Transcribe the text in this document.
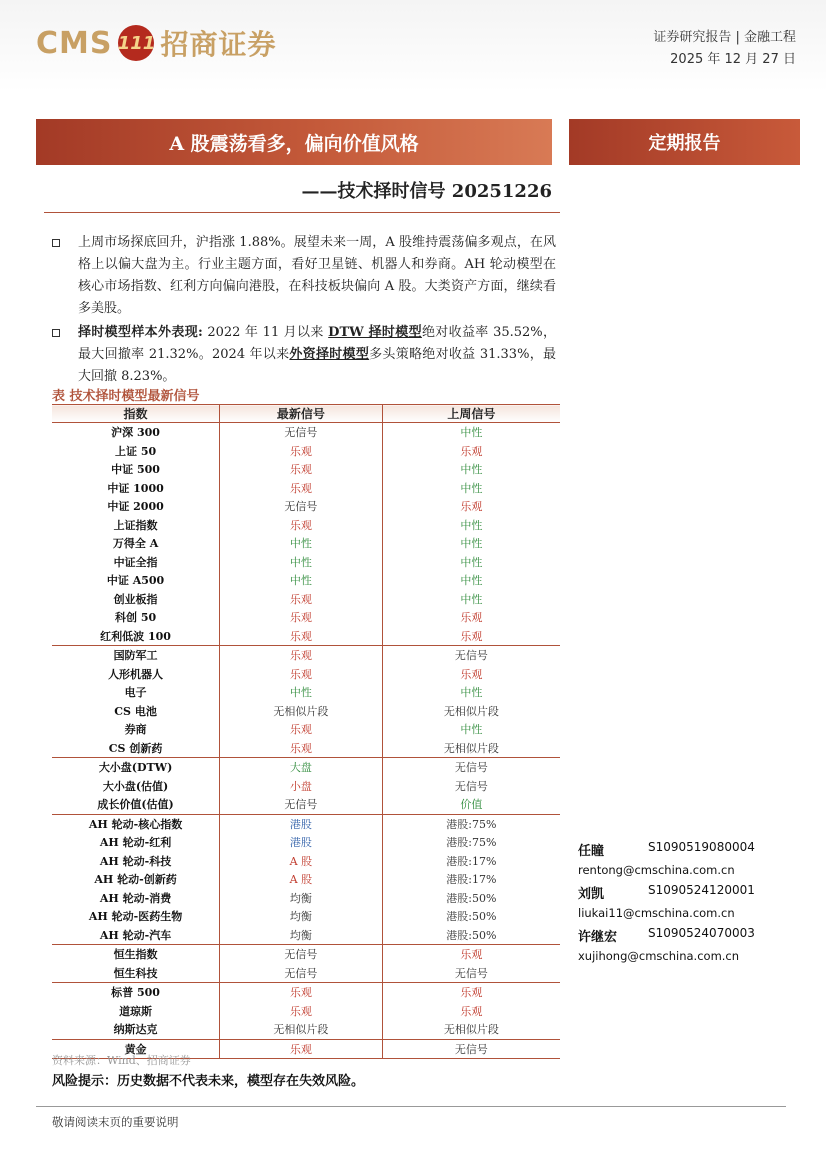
CMS 111 招商证券	证券研究报告 | 金融工程
2025 年 12 月 27 日
A 股震荡看多，偏向价值风格	定期报告
——技术择时信号 20251226
上周市场探底回升，沪指涨 1.88%。展望未来一周，A 股维持震荡偏多观点，在风格上以偏大盘为主。行业主题方面，看好卫星链、机器人和券商。AH 轮动模型在核心市场指数、红利方向偏向港股，在科技板块偏向 A 股。大类资产方面，继续看多美股。
择时模型样本外表现: 2022 年 11 月以来 DTW 择时模型绝对收益率 35.52%，最大回撤率 21.32%。2024 年以来外资择时模型多头策略绝对收益 31.33%，最大回撤 8.23%。
表 技术择时模型最新信号
指数	最新信号	上周信号
沪深 300	无信号	中性
上证 50	乐观	乐观
中证 500	乐观	中性
中证 1000	乐观	中性
中证 2000	无信号	乐观
上证指数	乐观	中性
万得全 A	中性	中性
中证全指	中性	中性
中证 A500	中性	中性
创业板指	乐观	中性
科创 50	乐观	乐观
红利低波 100	乐观	乐观
国防军工	乐观	无信号
人形机器人	乐观	乐观
电子	中性	中性
CS 电池	无相似片段	无相似片段
券商	乐观	中性
CS 创新药	乐观	无相似片段
大小盘(DTW)	大盘	无信号
大小盘(估值)	小盘	无信号
成长价值(估值)	无信号	价值
AH 轮动-核心指数	港股	港股:75%
AH 轮动-红利	港股	港股:75%
AH 轮动-科技	A 股	港股:17%
AH 轮动-创新药	A 股	港股:17%
AH 轮动-消费	均衡	港股:50%
AH 轮动-医药生物	均衡	港股:50%
AH 轮动-汽车	均衡	港股:50%
恒生指数	无信号	乐观
恒生科技	无信号	无信号
标普 500	乐观	乐观
道琼斯	乐观	乐观
纳斯达克	无相似片段	无相似片段
黄金	乐观	无信号
资料来源：Wind、招商证券
风险提示：历史数据不代表未来，模型存在失效风险。
任瞳	S1090519080004
rentong@cmschina.com.cn
刘凯	S1090524120001
liukai11@cmschina.com.cn
许继宏	S1090524070003
xujihong@cmschina.com.cn
敬请阅读末页的重要说明
